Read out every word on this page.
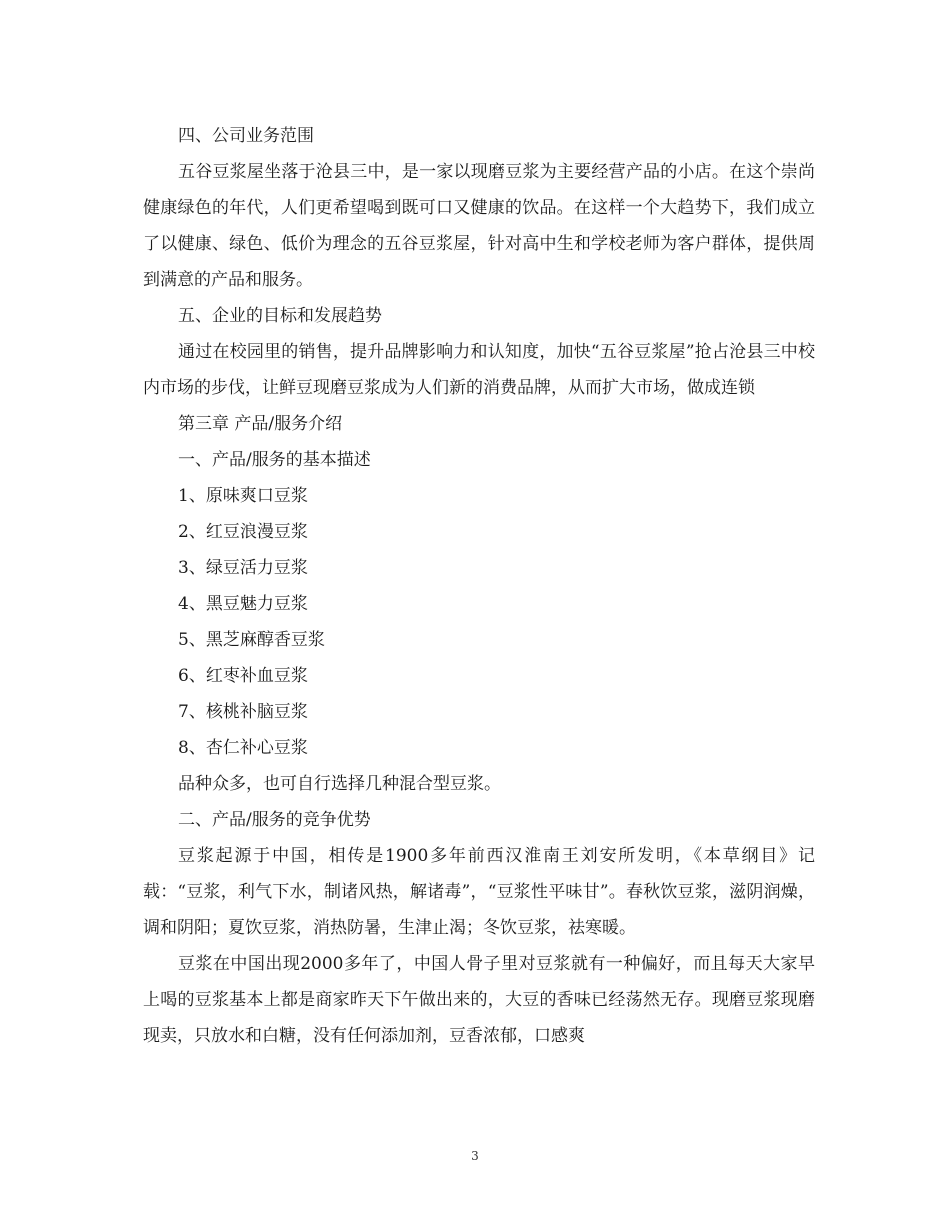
四、公司业务范围

五谷豆浆屋坐落于沧县三中，是一家以现磨豆浆为主要经营产品的小店。在这个崇尚健康绿色的年代，人们更希望喝到既可口又健康的饮品。在这样一个大趋势下，我们成立了以健康、绿色、低价为理念的五谷豆浆屋，针对高中生和学校老师为客户群体，提供周到满意的产品和服务。

五、企业的目标和发展趋势

通过在校园里的销售，提升品牌影响力和认知度，加快“五谷豆浆屋”抢占沧县三中校内市场的步伐，让鲜豆现磨豆浆成为人们新的消费品牌，从而扩大市场，做成连锁

第三章 产品/服务介绍

一、产品/服务的基本描述

1、原味爽口豆浆

2、红豆浪漫豆浆

3、绿豆活力豆浆

4、黑豆魅力豆浆

5、黑芝麻醇香豆浆

6、红枣补血豆浆

7、核桃补脑豆浆

8、杏仁补心豆浆

品种众多，也可自行选择几种混合型豆浆。

二、产品/服务的竞争优势

豆浆起源于中国，相传是1900多年前西汉淮南王刘安所发明，《本草纲目》记载：“豆浆，利气下水，制诸风热，解诸毒”，“豆浆性平味甘”。春秋饮豆浆，滋阴润燥，调和阴阳；夏饮豆浆，消热防暑，生津止渴；冬饮豆浆，祛寒暖。

豆浆在中国出现2000多年了，中国人骨子里对豆浆就有一种偏好，而且每天大家早上喝的豆浆基本上都是商家昨天下午做出来的，大豆的香味已经荡然无存。现磨豆浆现磨现卖，只放水和白糖，没有任何添加剂，豆香浓郁，口感爽

3
